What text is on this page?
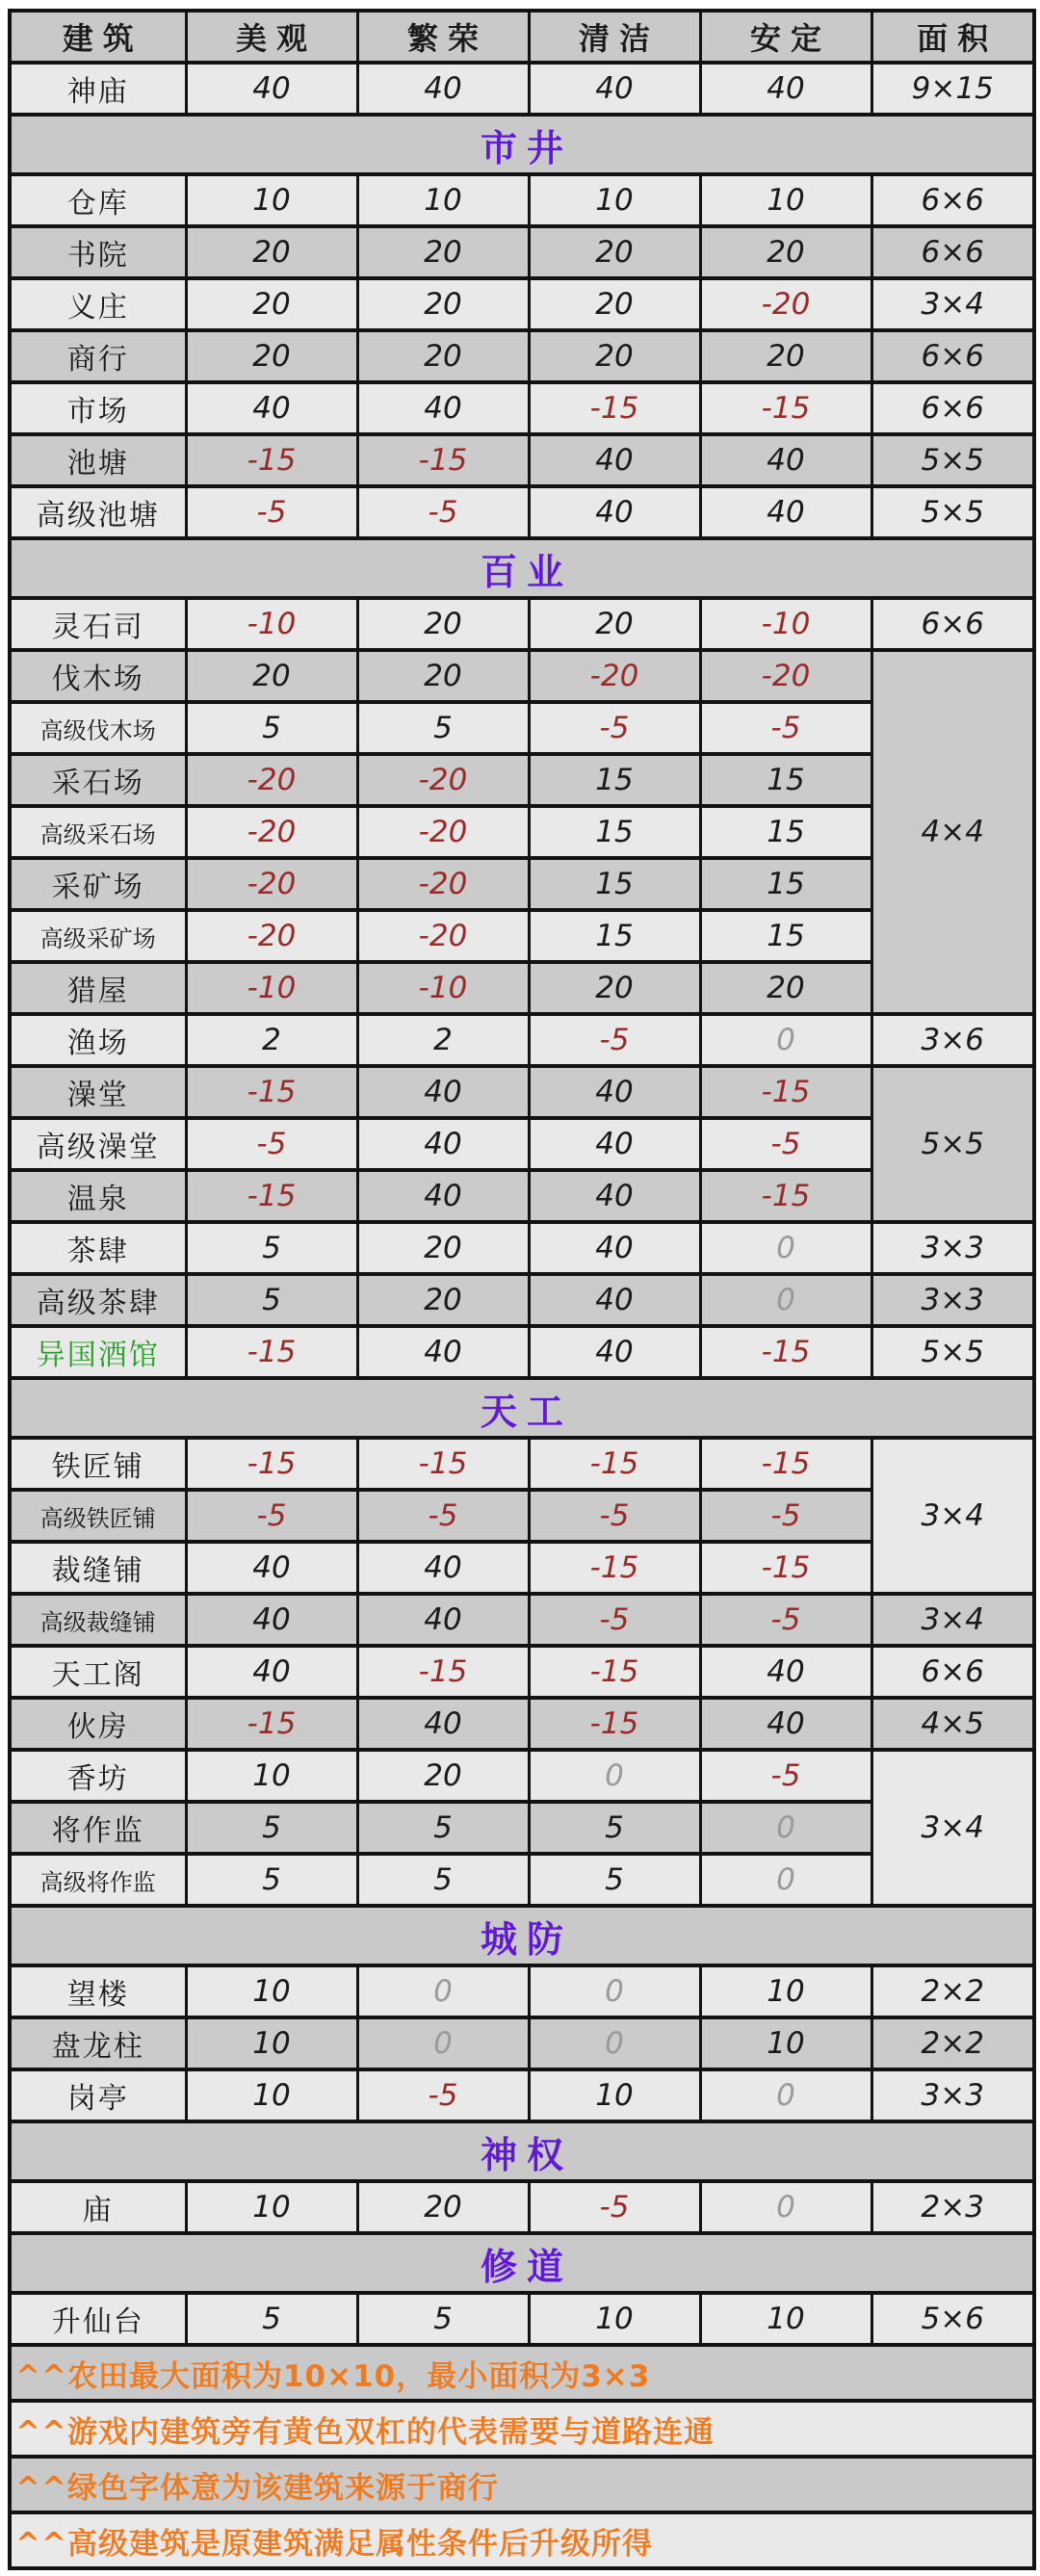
建筑	美观	繁荣	清洁	安定	面积
神庙	40	40	40	40	9×15
市井					
仓库	10	10	10	10	6×6
书院	20	20	20	20	6×6
义庄	20	20	20	-20	3×4
商行	20	20	20	20	6×6
市场	40	40	-15	-15	6×6
池塘	-15	-15	40	40	5×5
高级池塘	-5	-5	40	40	5×5
百业					
灵石司	-10	20	20	-10	6×6
伐木场	20	20	-20	-20	4×4
高级伐木场	5	5	-5	-5	
采石场	-20	-20	15	15	
高级采石场	-20	-20	15	15	
采矿场	-20	-20	15	15	
高级采矿场	-20	-20	15	15	
猎屋	-10	-10	20	20	
渔场	2	2	-5	0	3×6
澡堂	-15	40	40	-15	5×5
高级澡堂	-5	40	40	-5	
温泉	-15	40	40	-15	
茶肆	5	20	40	0	3×3
高级茶肆	5	20	40	0	3×3
异国酒馆	-15	40	40	-15	5×5
天工					
铁匠铺	-15	-15	-15	-15	3×4
高级铁匠铺	-5	-5	-5	-5	
裁缝铺	40	40	-15	-15	
高级裁缝铺	40	40	-5	-5	3×4
天工阁	40	-15	-15	40	6×6
伙房	-15	40	-15	40	4×5
香坊	10	20	0	-5	3×4
将作监	5	5	5	0	
高级将作监	5	5	5	0	
城防					
望楼	10	0	0	10	2×2
盘龙柱	10	0	0	10	2×2
岗亭	10	-5	10	0	3×3
神权					
庙	10	20	-5	0	2×3
修道					
升仙台	5	5	10	10	5×6
^^农田最大面积为10×10，最小面积为3×3					
^^游戏内建筑旁有黄色双杠的代表需要与道路连通					
^^绿色字体意为该建筑来源于商行					
^^高级建筑是原建筑满足属性条件后升级所得					
